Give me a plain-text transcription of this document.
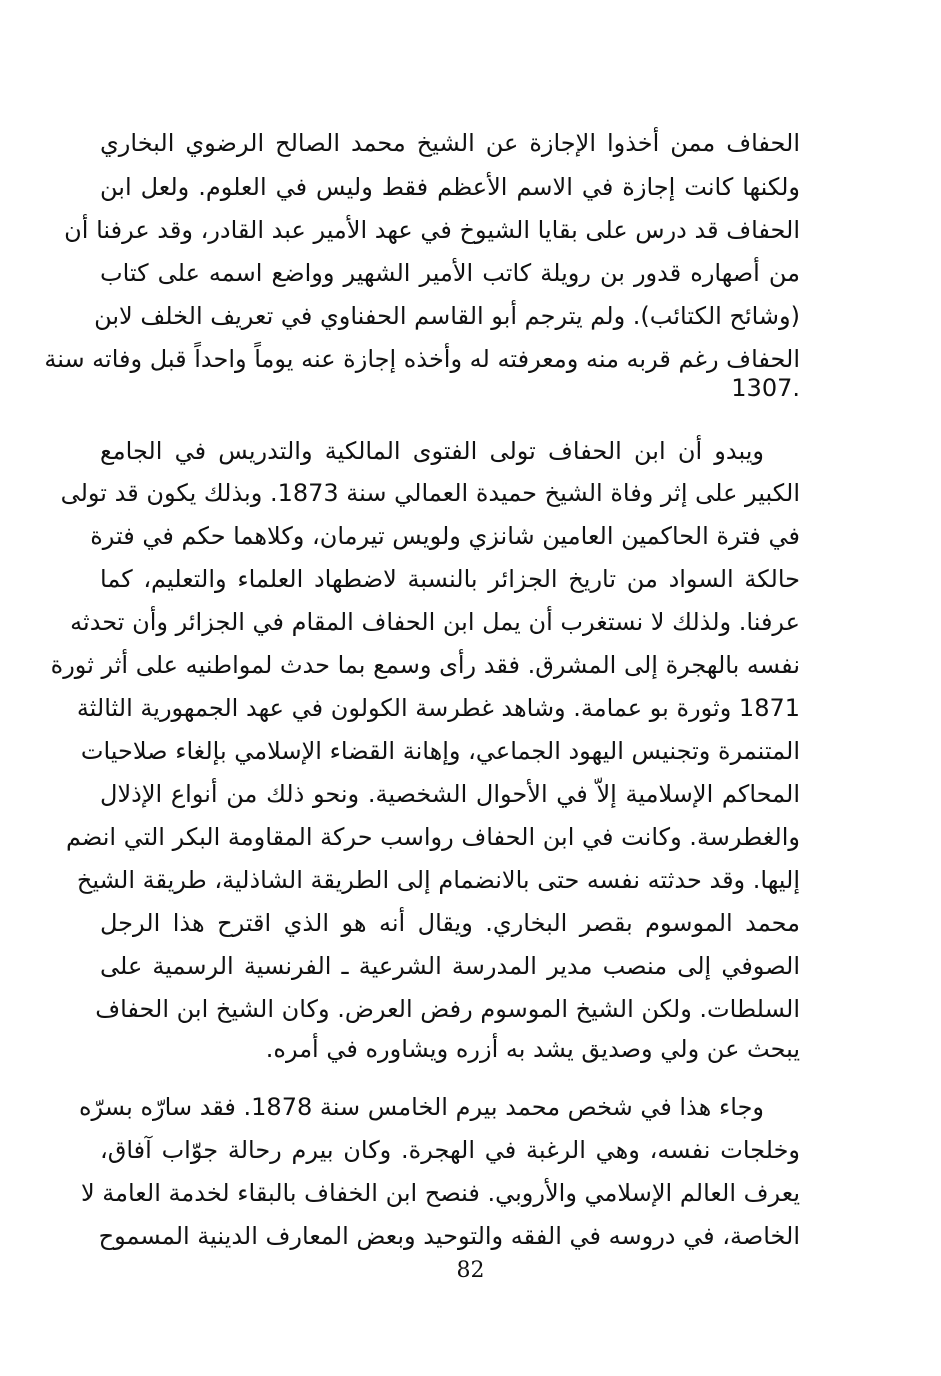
الحفاف ممن أخذوا الإجازة عن الشيخ محمد الصالح الرضوي البخاري
ولكنها كانت إجازة في الاسم الأعظم فقط وليس في العلوم. ولعل ابن
الحفاف قد درس على بقايا الشيوخ في عهد الأمير عبد القادر، وقد عرفنا أن
من أصهاره قدور بن رويلة كاتب الأمير الشهير وواضع اسمه على كتاب
(وشائح الكتائب). ولم يترجم أبو القاسم الحفناوي في تعريف الخلف لابن
الحفاف رغم قربه منه ومعرفته له وأخذه إجازة عنه يوماً واحداً قبل وفاته سنة
.1307
ويبدو أن ابن الحفاف تولى الفتوى المالكية والتدريس في الجامع
الكبير على إثر وفاة الشيخ حميدة العمالي سنة 1873. وبذلك يكون قد تولى
في فترة الحاكمين العامين شانزي ولويس تيرمان، وكلاهما حكم في فترة
حالكة السواد من تاريخ الجزائر بالنسبة لاضطهاد العلماء والتعليم، كما
عرفنا. ولذلك لا نستغرب أن يمل ابن الحفاف المقام في الجزائر وأن تحدثه
نفسه بالهجرة إلى المشرق. فقد رأى وسمع بما حدث لمواطنيه على أثر ثورة
1871 وثورة بو عمامة. وشاهد غطرسة الكولون في عهد الجمهورية الثالثة
المتنمرة وتجنيس اليهود الجماعي، وإهانة القضاء الإسلامي بإلغاء صلاحيات
المحاكم الإسلامية إلاّ في الأحوال الشخصية. ونحو ذلك من أنواع الإذلال
والغطرسة. وكانت في ابن الحفاف رواسب حركة المقاومة البكر التي انضم
إليها. وقد حدثته نفسه حتى بالانضمام إلى الطريقة الشاذلية، طريقة الشيخ
محمد الموسوم بقصر البخاري. ويقال أنه هو الذي اقترح هذا الرجل
الصوفي إلى منصب مدير المدرسة الشرعية ـ الفرنسية الرسمية على
السلطات. ولكن الشيخ الموسوم رفض العرض. وكان الشيخ ابن الحفاف
يبحث عن ولي وصديق يشد به أزره ويشاوره في أمره.
وجاء هذا في شخص محمد بيرم الخامس سنة 1878. فقد سارّه بسرّه
وخلجات نفسه، وهي الرغبة في الهجرة. وكان بيرم رحالة جوّاب آفاق،
يعرف العالم الإسلامي والأروبي. فنصح ابن الخفاف بالبقاء لخدمة العامة لا
الخاصة، في دروسه في الفقه والتوحيد وبعض المعارف الدينية المسموح
82
